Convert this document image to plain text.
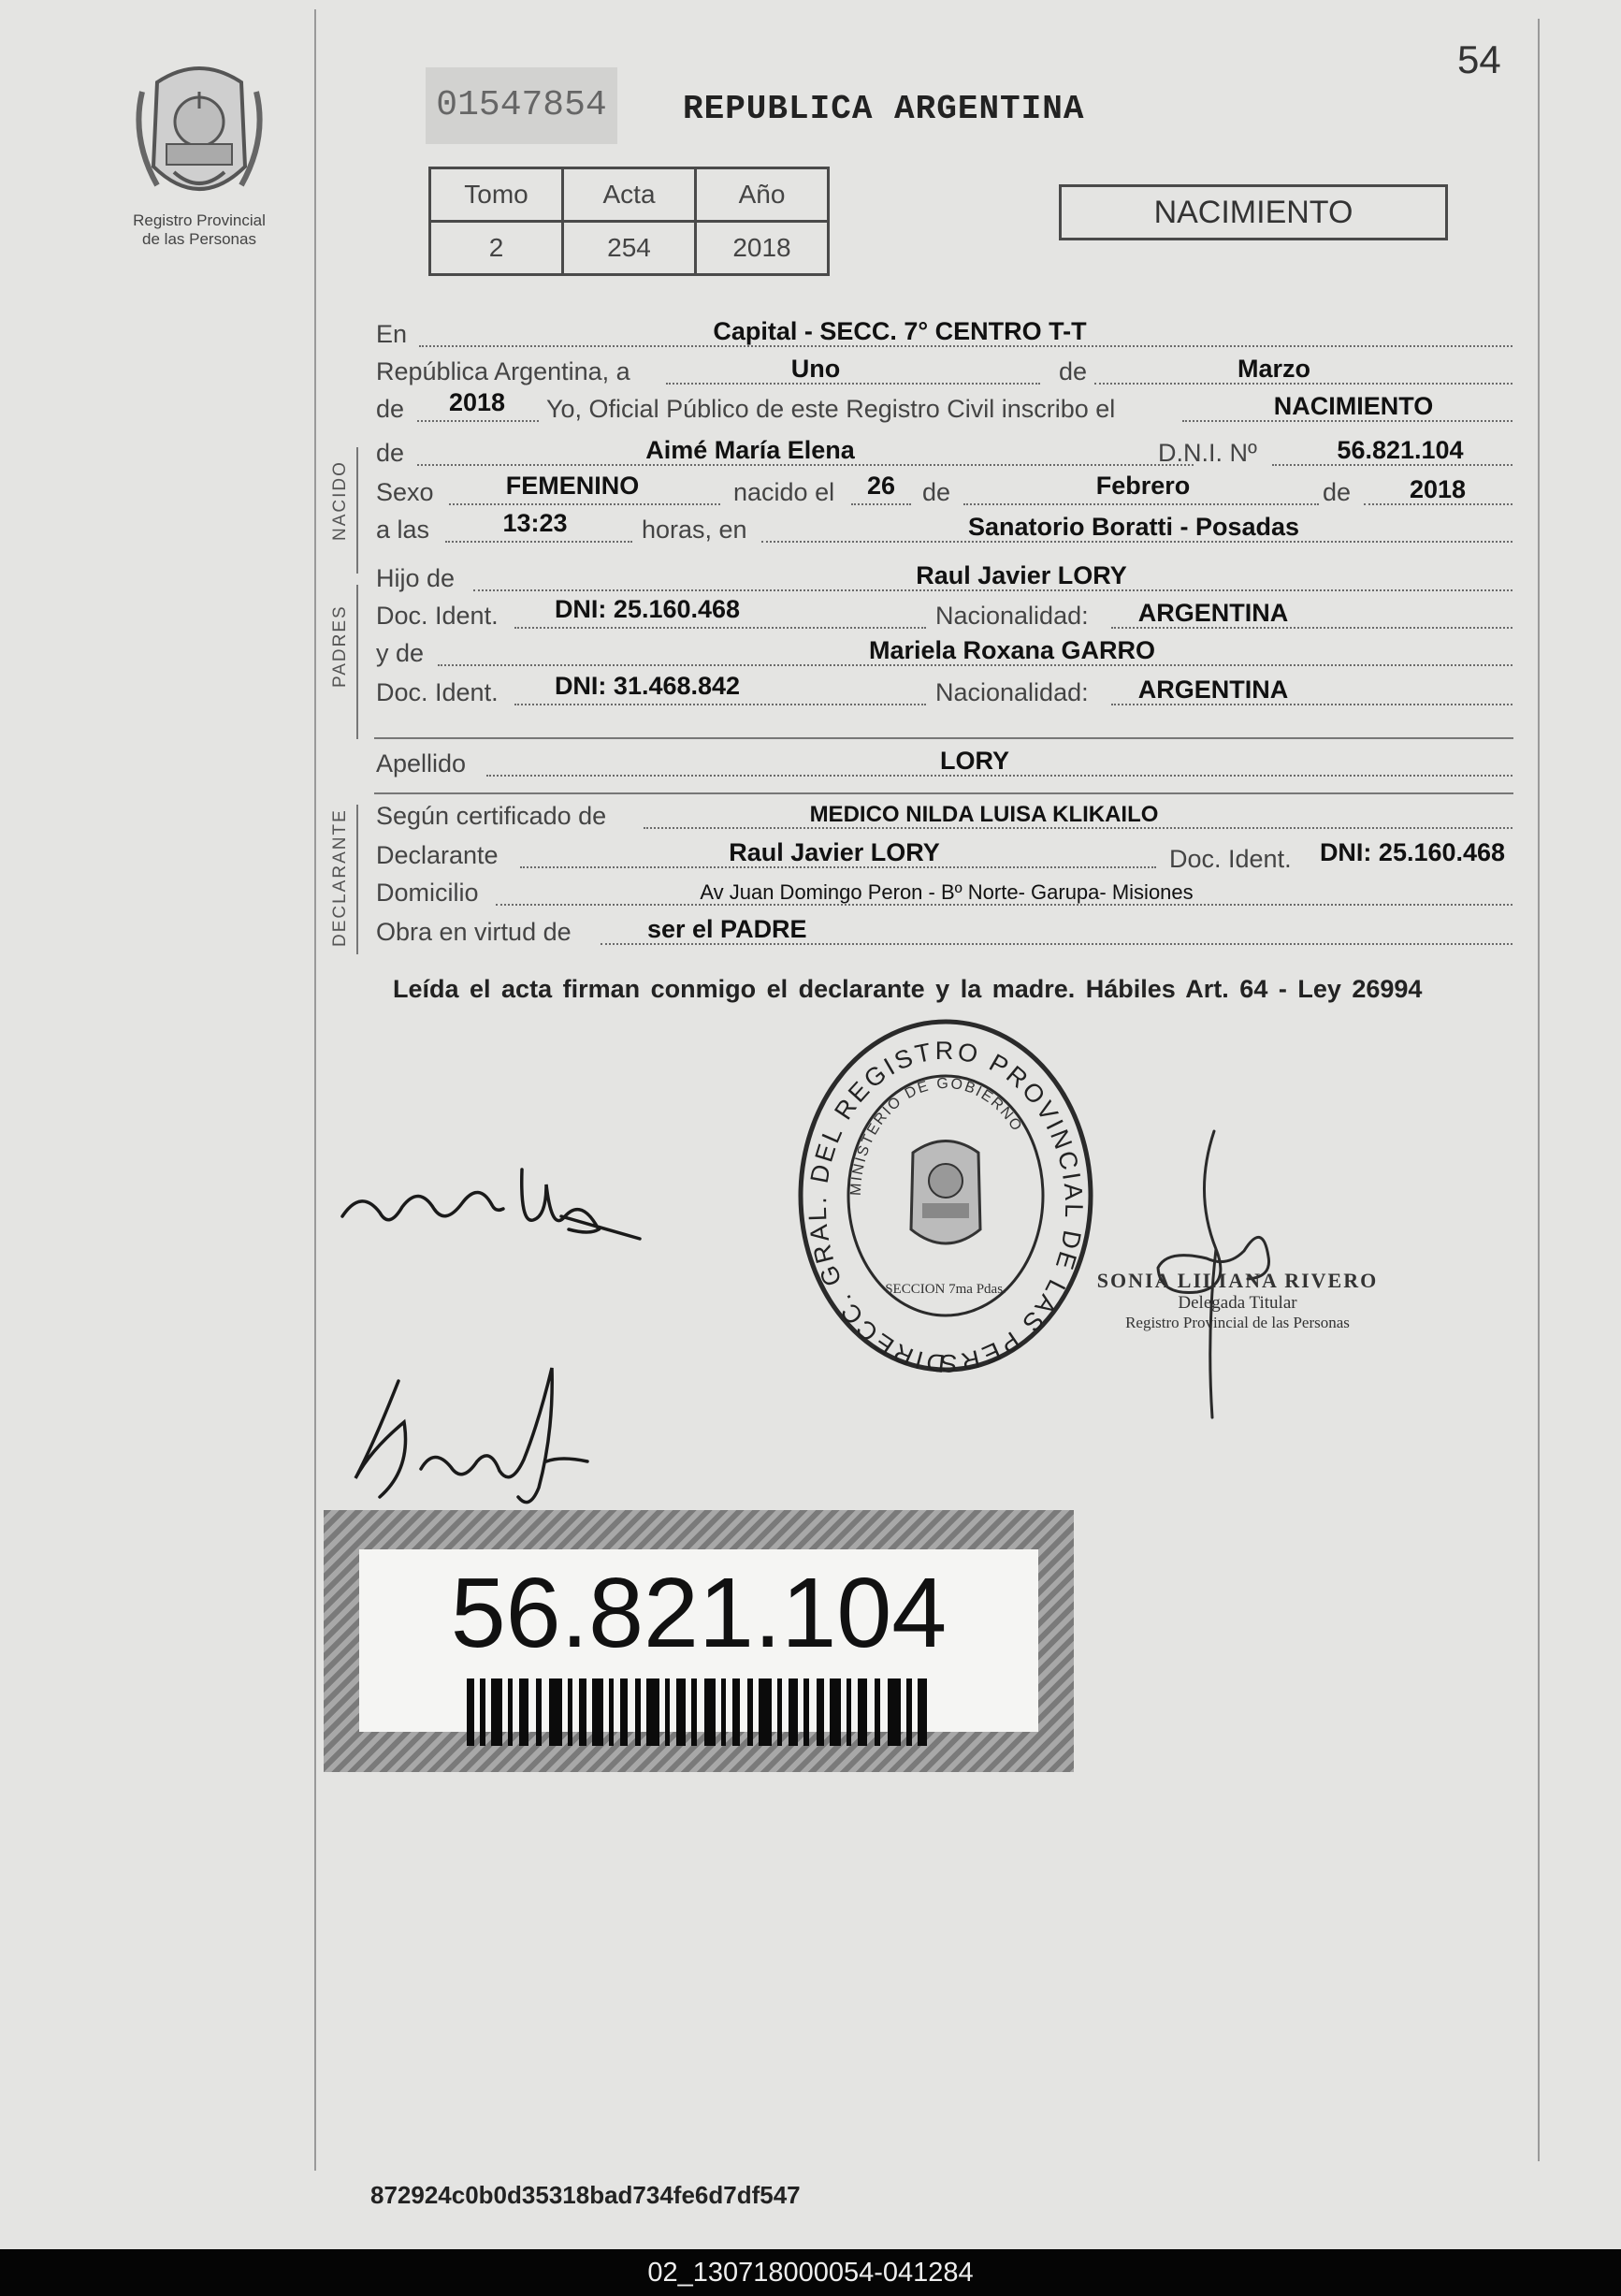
Registro Provincial
de las Personas
01547854	REPUBLICA ARGENTINA
54
Tomo	Acta	Año
2	254	2018
NACIMIENTO
NACIDO
PADRES
DECLARANTE
En	Capital - SECC. 7° CENTRO T-T
República Argentina, a	Uno	de	Marzo
de	2018	Yo, Oficial Público de este Registro Civil inscribo el	NACIMIENTO
de	Aimé María Elena	D.N.I. Nº	56.821.104
Sexo	FEMENINO	nacido el	26	de	Febrero	de	2018
a las	13:23	horas, en	Sanatorio Boratti - Posadas
Hijo de	Raul Javier LORY
Doc. Ident.	DNI: 25.160.468	Nacionalidad:	ARGENTINA
y de	Mariela Roxana GARRO
Doc. Ident.	DNI: 31.468.842	Nacionalidad:	ARGENTINA
Apellido	LORY
Según certificado de	MEDICO NILDA LUISA KLIKAILO
Declarante	Raul Javier LORY	Doc. Ident.	DNI: 25.160.468
Domicilio	Av Juan Domingo Peron - Bº Norte- Garupa- Misiones
Obra en virtud de	ser el PADRE
Leída el acta firman conmigo el declarante y la madre. Hábiles Art. 64 - Ley 26994
DIRECC. GRAL. DEL REGISTRO PROVINCIAL DE LAS PERS
MINISTERIO DE GOBIERNO
SECCION 7ma Pdas.	SONIA LILIANA RIVERO
Delegada Titular
Registro Provincial de las Personas
56.821.104
872924c0b0d35318bad734fe6d7df547
02_130718000054-041284
